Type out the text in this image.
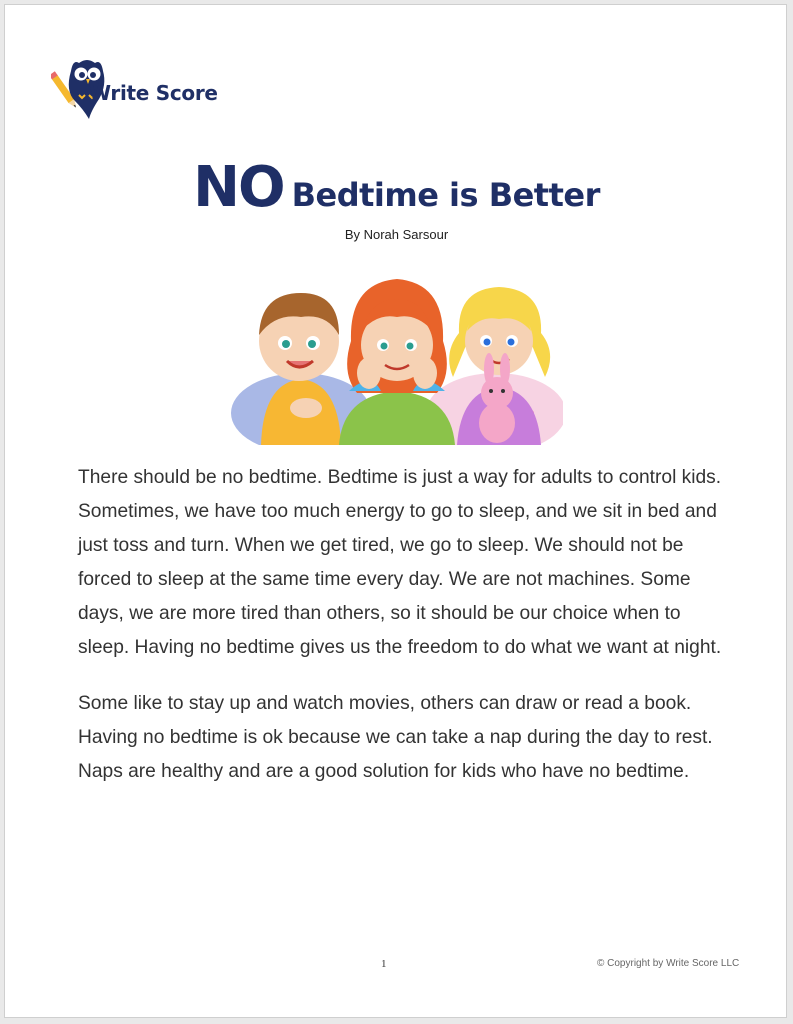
Write Score
NO Bedtime is Better
By Norah Sarsour

There should be no bedtime. Bedtime is just a way for adults to control kids. Sometimes, we have too much energy to go to sleep, and we sit in bed and just toss and turn. When we get tired, we go to sleep. We should not be forced to sleep at the same time every day. We are not machines. Some days, we are more tired than others, so it should be our choice when to sleep. Having no bedtime gives us the freedom to do what we want at night.

Some like to stay up and watch movies, others can draw or read a book. Having no bedtime is ok because we can take a nap during the day to rest. Naps are healthy and are a good solution for kids who have no bedtime.

1	© Copyright by Write Score LLC
